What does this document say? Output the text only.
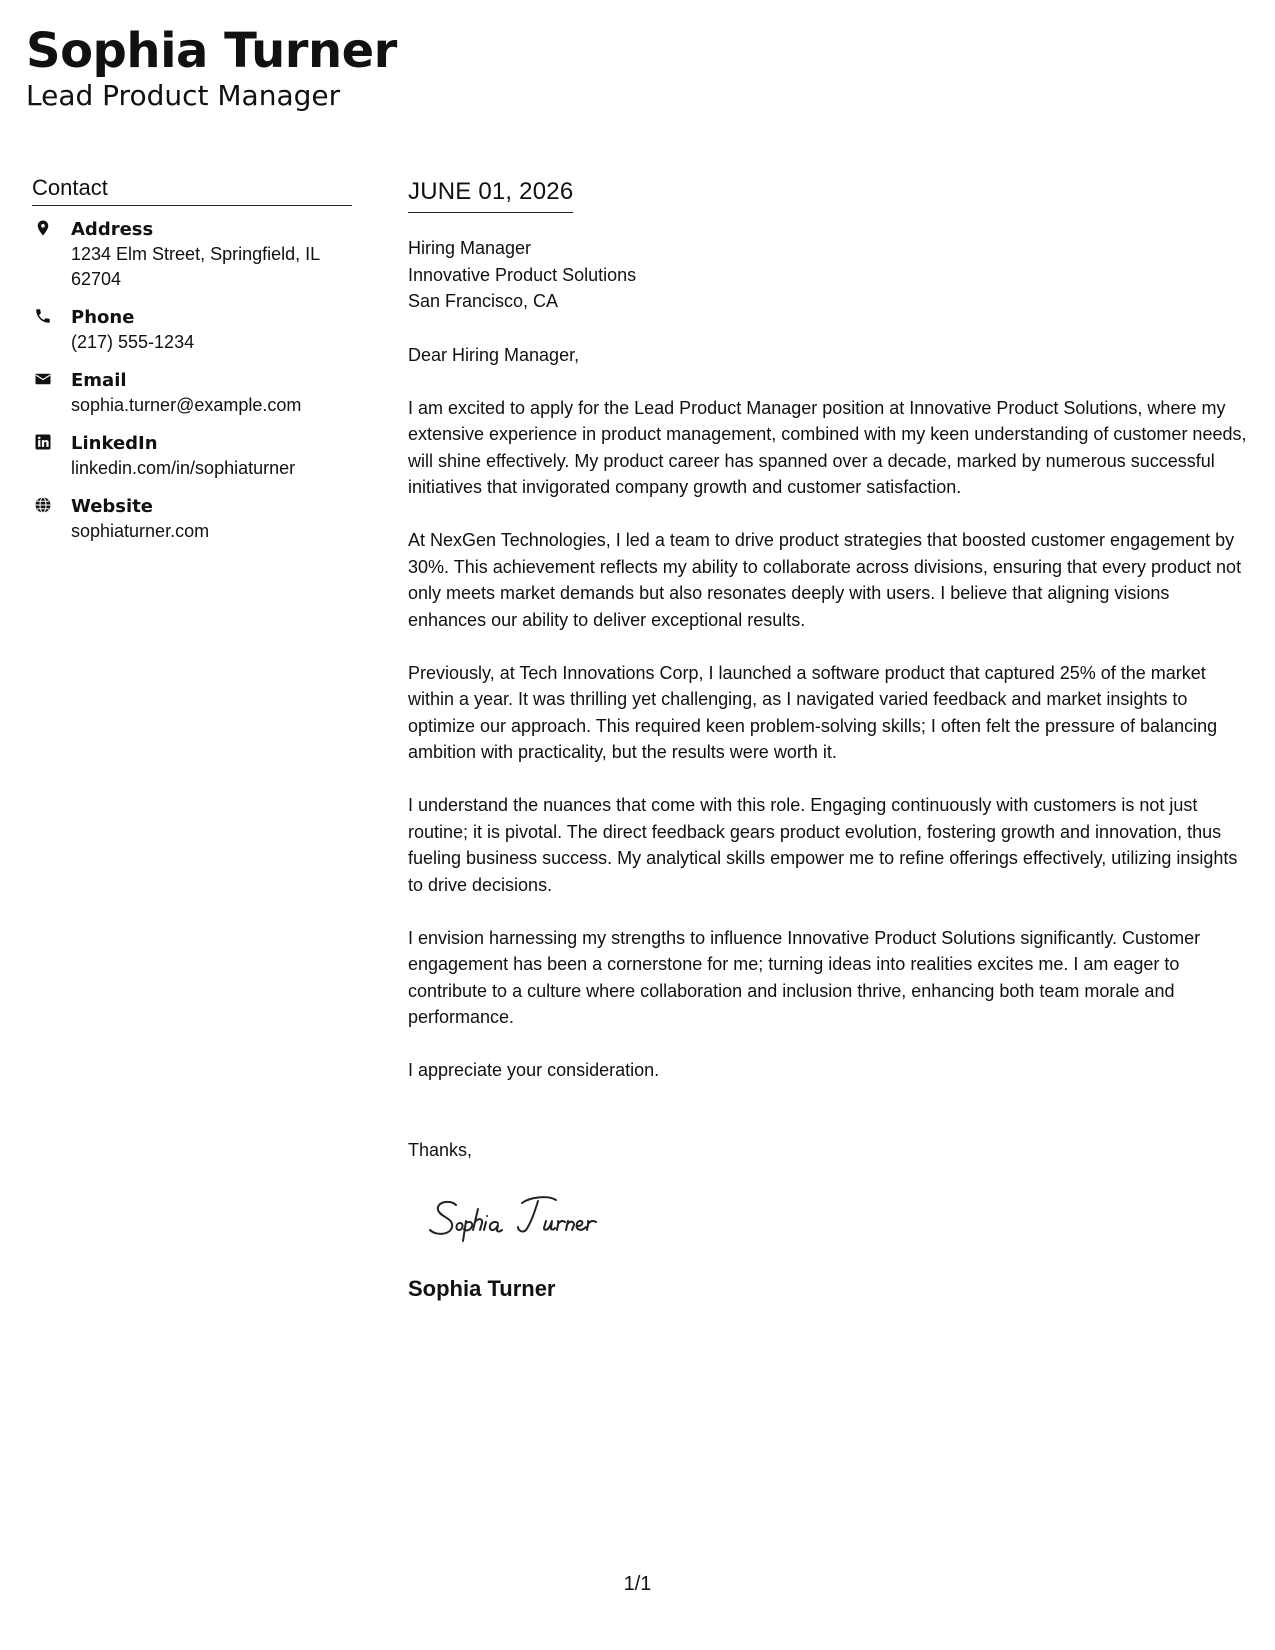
Sophia Turner
Lead Product Manager
Contact
Address
1234 Elm Street, Springfield, IL 62704
Phone
(217) 555-1234
Email
sophia.turner@example.com
LinkedIn
linkedin.com/in/sophiaturner
Website
sophiaturner.com
JUNE 01, 2026
Hiring Manager
Innovative Product Solutions
San Francisco, CA
Dear Hiring Manager,

I am excited to apply for the Lead Product Manager position at Innovative Product Solutions, where my extensive experience in product management, combined with my keen understanding of customer needs, will shine effectively. My product career has spanned over a decade, marked by numerous successful initiatives that invigorated company growth and customer satisfaction.

At NexGen Technologies, I led a team to drive product strategies that boosted customer engagement by 30%. This achievement reflects my ability to collaborate across divisions, ensuring that every product not only meets market demands but also resonates deeply with users. I believe that aligning visions enhances our ability to deliver exceptional results.

Previously, at Tech Innovations Corp, I launched a software product that captured 25% of the market within a year. It was thrilling yet challenging, as I navigated varied feedback and market insights to optimize our approach. This required keen problem-solving skills; I often felt the pressure of balancing ambition with practicality, but the results were worth it.

I understand the nuances that come with this role. Engaging continuously with customers is not just routine; it is pivotal. The direct feedback gears product evolution, fostering growth and innovation, thus fueling business success. My analytical skills empower me to refine offerings effectively, utilizing insights to drive decisions.

I envision harnessing my strengths to influence Innovative Product Solutions significantly. Customer engagement has been a cornerstone for me; turning ideas into realities excites me. I am eager to contribute to a culture where collaboration and inclusion thrive, enhancing both team morale and performance.

I appreciate your consideration.

Thanks,
Sophia Turner
1/1
